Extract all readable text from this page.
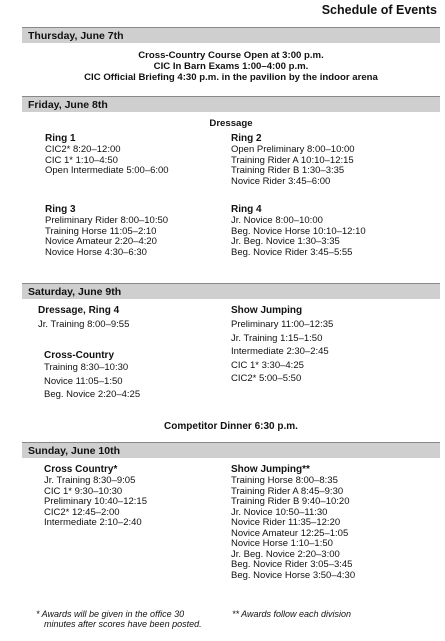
Schedule of Events
Thursday, June 7th
Cross-Country Course Open at 3:00 p.m.
CIC In Barn Exams 1:00–4:00 p.m.
CIC Official Briefing 4:30 p.m. in the pavilion by the indoor arena
Friday, June 8th
Dressage
Ring 1
CIC2* 8:20–12:00
CIC 1* 1:10–4:50
Open Intermediate 5:00–6:00
Ring 2
Open Preliminary 8:00–10:00
Training Rider A 10:10–12:15
Training Rider B 1:30–3:35
Novice Rider 3:45–6:00
Ring 3
Preliminary Rider 8:00–10:50
Training Horse 11:05–2:10
Novice Amateur 2:20–4:20
Novice Horse 4:30–6:30
Ring 4
Jr. Novice 8:00–10:00
Beg. Novice Horse 10:10–12:10
Jr. Beg. Novice 1:30–3:35
Beg. Novice Rider 3:45–5:55
Saturday, June 9th
Dressage, Ring 4
Jr. Training 8:00–9:55
Show Jumping
Preliminary 11:00–12:35
Jr. Training 1:15–1:50
Intermediate 2:30–2:45
CIC 1* 3:30–4:25
CIC2* 5:00–5:50
Cross-Country
Training 8:30–10:30
Novice 11:05–1:50
Beg. Novice 2:20–4:25
Competitor Dinner 6:30 p.m.
Sunday, June 10th
Cross Country*
Jr. Training 8:30–9:05
CIC 1* 9:30–10:30
Preliminary 10:40–12:15
CIC2* 12:45–2:00
Intermediate 2:10–2:40
Show Jumping**
Training Horse 8:00–8:35
Training Rider A 8:45–9:30
Training Rider B 9:40–10:20
Jr. Novice 10:50–11:30
Novice Rider 11:35–12:20
Novice Amateur 12:25–1:05
Novice Horse 1:10–1:50
Jr. Beg. Novice 2:20–3:00
Beg. Novice Rider 3:05–3:45
Beg. Novice Horse 3:50–4:30
* Awards will be given in the office 30
minutes after scores have been posted.
** Awards follow each division
